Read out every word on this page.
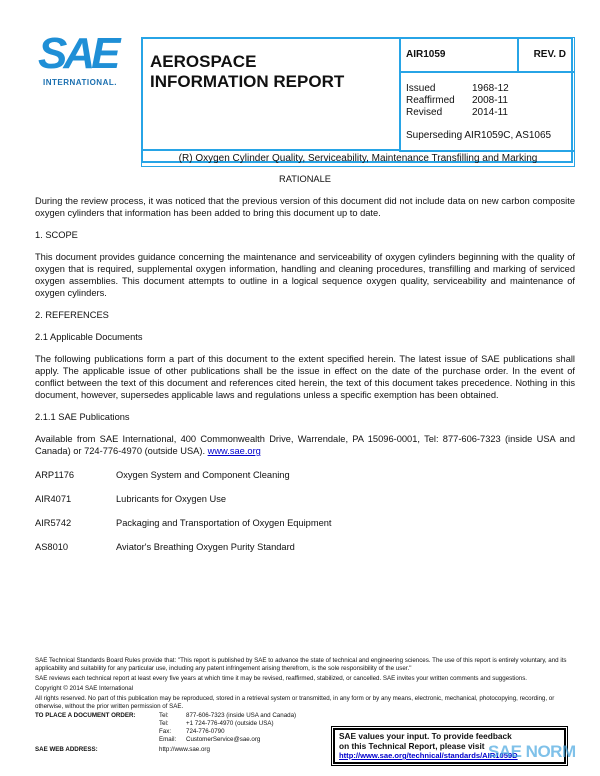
SAE
INTERNATIONAL.
AEROSPACE
INFORMATION REPORT
AIR1059	REV. D
Issued	1968-12
Reaffirmed 2008-11
Revised	2014-11
Superseding AIR1059C, AS1065
(R) Oxygen Cylinder Quality, Serviceability, Maintenance Transfilling and Marking

RATIONALE

During the review process, it was noticed that the previous version of this document did not include data on new carbon composite oxygen cylinders that information has been added to bring this document up to date.

1. SCOPE

This document provides guidance concerning the maintenance and serviceability of oxygen cylinders beginning with the quality of oxygen that is required, supplemental oxygen information, handling and cleaning procedures, transfilling and marking of serviced oxygen assemblies. This document attempts to outline in a logical sequence oxygen quality, serviceability and maintenance of oxygen cylinders.

2. REFERENCES

2.1 Applicable Documents

The following publications form a part of this document to the extent specified herein. The latest issue of SAE publications shall apply. The applicable issue of other publications shall be the issue in effect on the date of the purchase order. In the event of conflict between the text of this document and references cited herein, the text of this document takes precedence. Nothing in this document, however, supersedes applicable laws and regulations unless a specific exemption has been obtained.

2.1.1 SAE Publications

Available from SAE International, 400 Commonwealth Drive, Warrendale, PA 15096-0001, Tel: 877-606-7323 (inside USA and Canada) or 724-776-4970 (outside USA). www.sae.org

ARP1176	Oxygen System and Component Cleaning
AIR4071	Lubricants for Oxygen Use
AIR5742	Packaging and Transportation of Oxygen Equipment
AS8010	Aviator's Breathing Oxygen Purity Standard

SAE Technical Standards Board Rules provide that: "This report is published by SAE to advance the state of technical and engineering sciences. The use of this report is entirely voluntary, and its applicability and suitability for any particular use, including any patent infringement arising therefrom, is the sole responsibility of the user."

SAE reviews each technical report at least every five years at which time it may be revised, reaffirmed, stabilized, or cancelled. SAE invites your written comments and suggestions.

Copyright © 2014 SAE International

All rights reserved. No part of this publication may be reproduced, stored in a retrieval system or transmitted, in any form or by any means, electronic, mechanical, photocopying, recording, or otherwise, without the prior written permission of SAE.

TO PLACE A DOCUMENT ORDER:	Tel:	877-606-7323 (inside USA and Canada)
Tel:	+1 724-776-4970 (outside USA)
Fax: 724-776-0790
Email: CustomerService@sae.org
SAE WEB ADDRESS:	http://www.sae.org
SAE values your input. To provide feedback
on this Technical Report, please visit
http://www.sae.org/technical/standards/AIR1059D
SAE NORM
